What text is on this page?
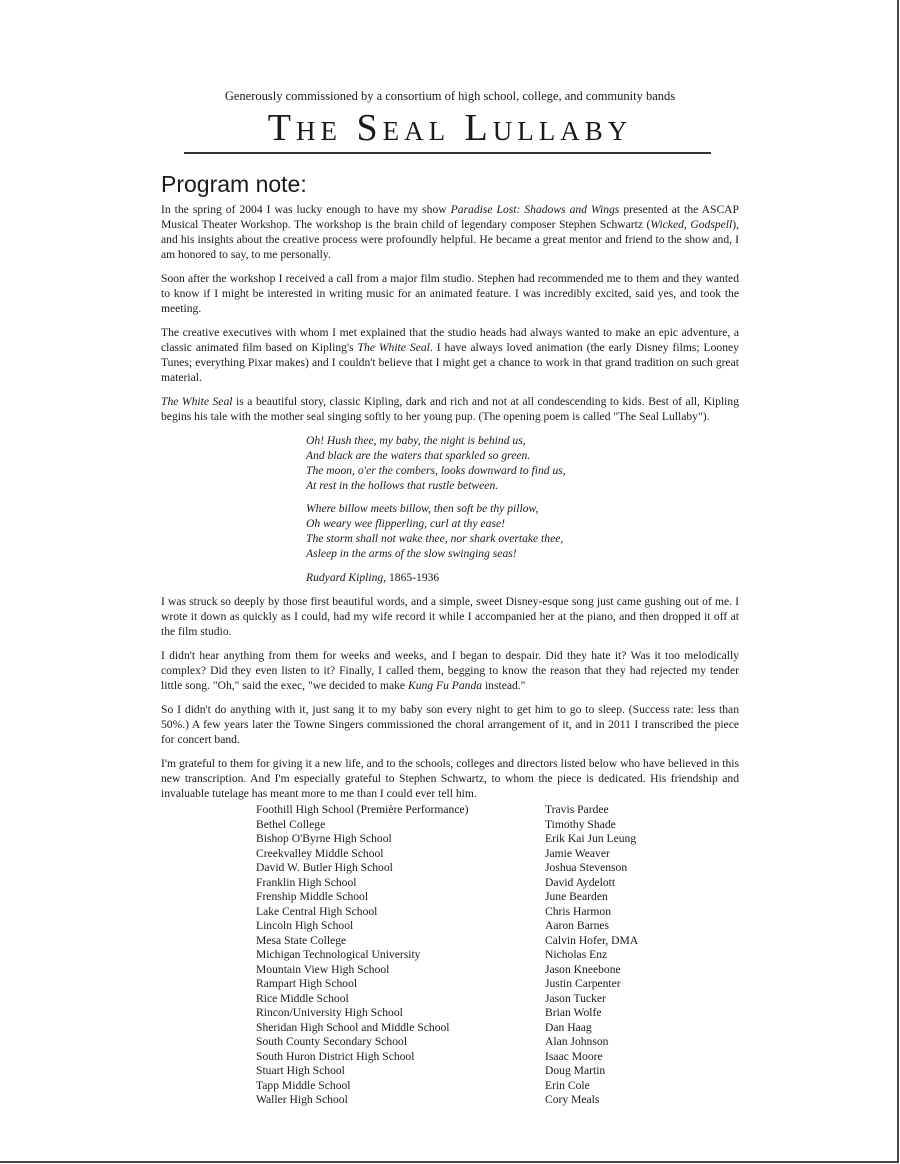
Generously commissioned by a consortium of high school, college, and community bands
The Seal Lullaby
Program note:

In the spring of 2004 I was lucky enough to have my show Paradise Lost: Shadows and Wings presented at the ASCAP Musical Theater Workshop. The workshop is the brain child of legendary composer Stephen Schwartz (Wicked, Godspell), and his insights about the creative process were profoundly helpful. He became a great mentor and friend to the show and, I am honored to say, to me personally.

Soon after the workshop I received a call from a major film studio. Stephen had recommended me to them and they wanted to know if I might be interested in writing music for an animated feature. I was incredibly excited, said yes, and took the meeting.

The creative executives with whom I met explained that the studio heads had always wanted to make an epic adventure, a classic animated film based on Kipling's The White Seal. I have always loved animation (the early Disney films; Looney Tunes; everything Pixar makes) and I couldn't believe that I might get a chance to work in that grand tradition on such great material.

The White Seal is a beautiful story, classic Kipling, dark and rich and not at all condescending to kids. Best of all, Kipling begins his tale with the mother seal singing softly to her young pup. (The opening poem is called "The Seal Lullaby").

Oh! Hush thee, my baby, the night is behind us,
And black are the waters that sparkled so green.
The moon, o'er the combers, looks downward to find us,
At rest in the hollows that rustle between.
Where billow meets billow, then soft be thy pillow,
Oh weary wee flipperling, curl at thy ease!
The storm shall not wake thee, nor shark overtake thee,
Asleep in the arms of the slow swinging seas!
Rudyard Kipling, 1865-1936

I was struck so deeply by those first beautiful words, and a simple, sweet Disney-esque song just came gushing out of me. I wrote it down as quickly as I could, had my wife record it while I accompanied her at the piano, and then dropped it off at the film studio.

I didn't hear anything from them for weeks and weeks, and I began to despair. Did they hate it? Was it too melodically complex? Did they even listen to it? Finally, I called them, begging to know the reason that they had rejected my tender little song. "Oh," said the exec, "we decided to make Kung Fu Panda instead."

So I didn't do anything with it, just sang it to my baby son every night to get him to go to sleep. (Success rate: less than 50%.) A few years later the Towne Singers commissioned the choral arrangement of it, and in 2011 I transcribed the piece for concert band.

I'm grateful to them for giving it a new life, and to the schools, colleges and directors listed below who have believed in this new transcription. And I'm especially grateful to Stephen Schwartz, to whom the piece is dedicated. His friendship and invaluable tutelage has meant more to me than I could ever tell him.

Foothill High School (Première Performance)
Bethel College
Bishop O'Byrne High School
Creekvalley Middle School
David W. Butler High School
Franklin High School
Frenship Middle School
Lake Central High School
Lincoln High School
Mesa State College
Michigan Technological University
Mountain View High School
Rampart High School
Rice Middle School
Rincon/University High School
Sheridan High School and Middle School
South County Secondary School
South Huron District High School
Stuart High School
Tapp Middle School
Waller High School
Travis Pardee
Timothy Shade
Erik Kai Jun Leung
Jamie Weaver
Joshua Stevenson
David Aydelott
June Bearden
Chris Harmon
Aaron Barnes
Calvin Hofer, DMA
Nicholas Enz
Jason Kneebone
Justin Carpenter
Jason Tucker
Brian Wolfe
Dan Haag
Alan Johnson
Isaac Moore
Doug Martin
Erin Cole
Cory Meals
